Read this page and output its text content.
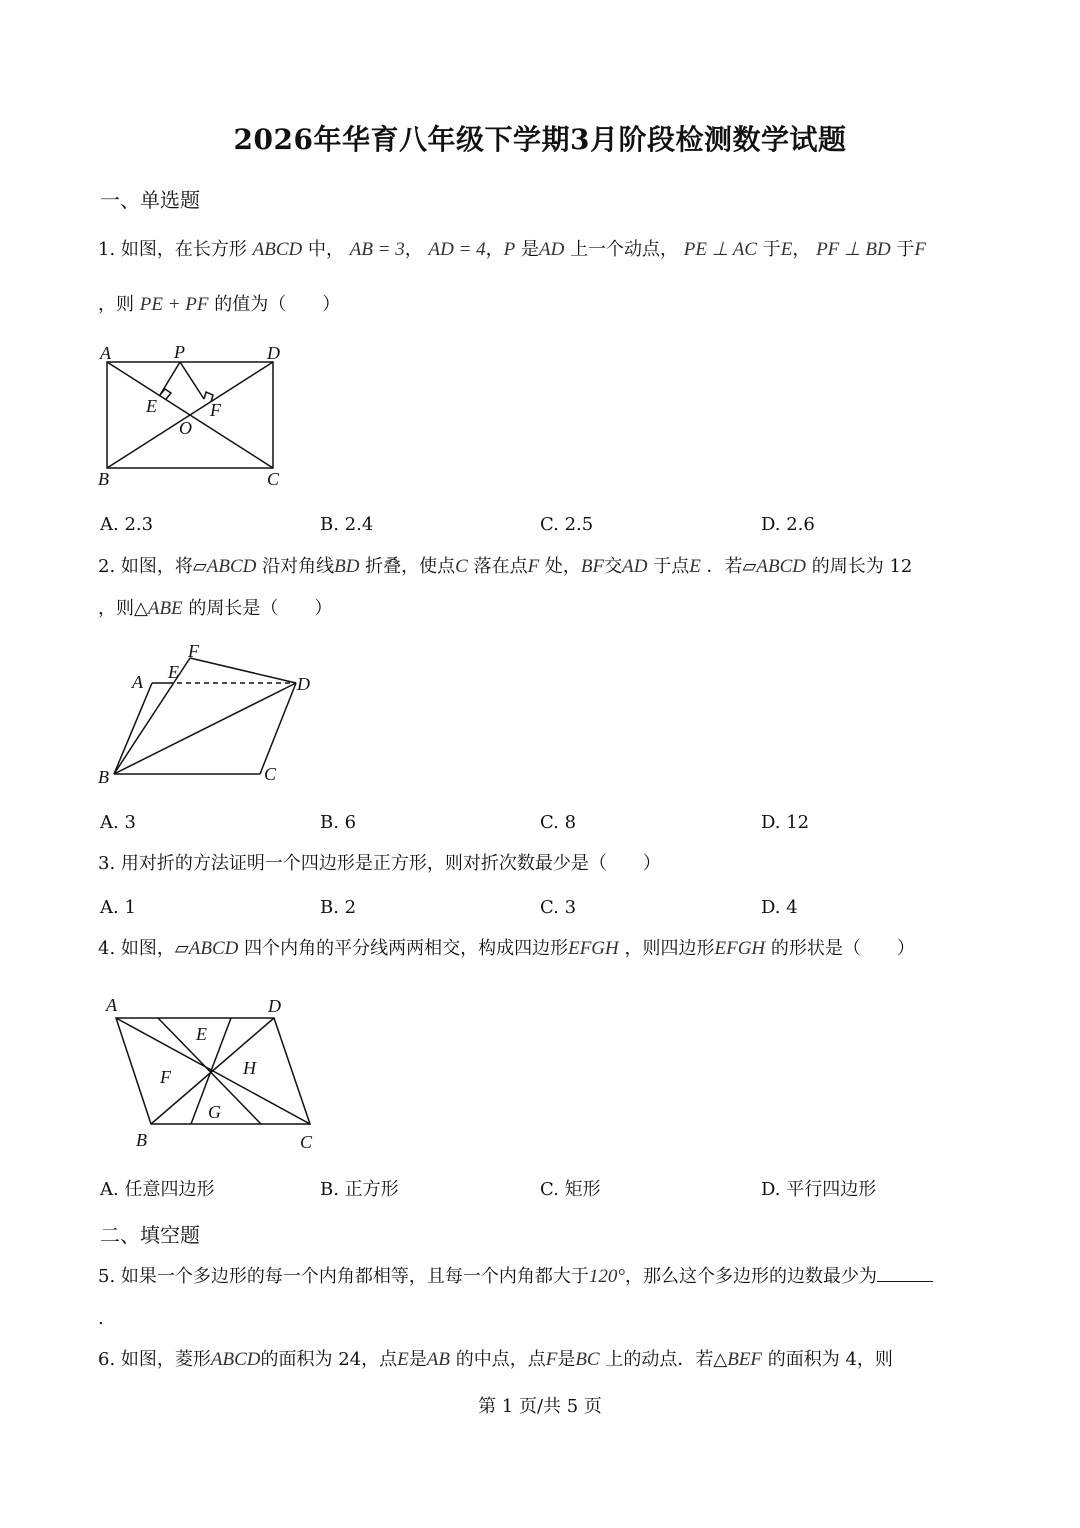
2026年华育八年级下学期3月阶段检测数学试题
一、单选题
1. 如图，在长方形 ABCD 中， AB = 3， AD = 4，P 是AD 上一个动点， PE ⊥ AC 于E， PF ⊥ BD 于F
，则 PE + PF 的值为（　　）
A	P	D
E	F
O
B	C
A. 2.3	B. 2.4	C. 2.5	D. 2.6
2. 如图，将▱ABCD 沿对角线BD 折叠，使点C 落在点F 处，BF交AD 于点E ．若▱ABCD 的周长为 12
，则△ABE 的周长是（　　）
F
E
A	D
B	C
A. 3	B. 6	C. 8	D. 12
3. 用对折的方法证明一个四边形是正方形，则对折次数最少是（　　）
A. 1	B. 2	C. 3	D. 4
4. 如图，▱ABCD 四个内角的平分线两两相交，构成四边形EFGH ，则四边形EFGH 的形状是（　　）
A	D
E
H
F
G
B	C
A. 任意四边形	B. 正方形	C. 矩形	D. 平行四边形
二、填空题
5. 如果一个多边形的每一个内角都相等，且每一个内角都大于120°，那么这个多边形的边数最少为
.
6. 如图，菱形ABCD的面积为 24，点E是AB 的中点，点F是BC 上的动点．若△BEF 的面积为 4，则
第 1 页/共 5 页
